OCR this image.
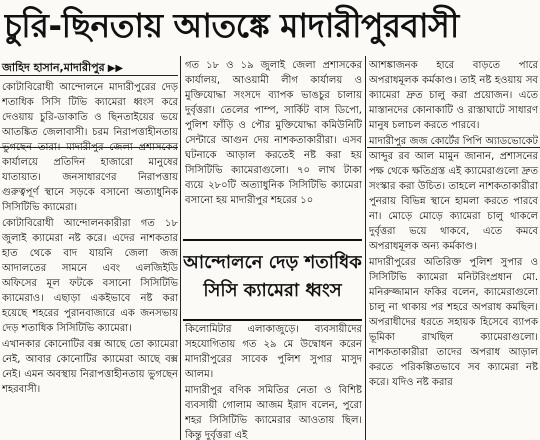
চুরি-ছিনতায় আতঙ্কে মাদারীপুরবাসী
জাহিদ হাসান,মাদারীপুর ▶▶

কোটাবিরোধী আন্দোলনে মাদারীপুরের দেড় শতাধিক সিসি টিভি ক্যামেরা ধ্বংস করে দেওয়ায় চুরি-ডাকাতি ও ছিনতাইয়ের ভয়ে আতঙ্কিত জেলাবাসী। চরম নিরাপত্তাহীনতায় ভুগছেন তারা। মাদারীপুর জেলা প্রশাসকের কার্যালয়ে প্রতিদিন হাজারো মানুষের যাতায়াত। জনসাধারণের নিরাপত্তায় গুরুত্বপূর্ণ স্থানে সড়কে বসানো অত্যাধুনিক সিসিটিভি ক্যামেরা।

কোটাবিরোধী আন্দোলনকারীরা গত ১৮ জুলাই ক্যামেরা নষ্ট করে। এদের নাশকতার হাত থেকে বাদ যায়নি জেলা জজ আদালতের সামনে এবং এলজিইডি অফিসের মূল ফটকে বসানো সিসিটিভি ক্যামেরাও। এছাড়া একইভাবে নষ্ট করা হয়েছে শহরের পুরানবাজারে এক জনসভায় দেড় শতাধিক সিসিটিভি ক্যামেরা।

এখানকার কোনোটির বক্স আছে তো ক্যামেরা নেই, আবার কোনোটির ক্যামেরা আছে বক্স নেই। এমন অবস্থায় নিরাপত্তাহীনতায় ভুগছেন শহরবাসী।

গত ১৮ ও ১৯ জুলাই জেলা প্রশাসকের কার্যালয়, আওয়ামী লীগ কার্যালয় ও মুক্তিযোদ্ধা সংসদে ব্যাপক ভাঙচুর চালায় দুর্বৃত্তরা। তেলের পাম্প, সার্কিট বাস ডিপো, পুলিশ ফাঁড়ি ও পৌর মুক্তিযোদ্ধা কমিউনিটি সেন্টারে আগুন দেয় নাশকতাকারীরা। এসব ঘটনাকে আড়াল করতেই নষ্ট করা হয় সিসিটিভি ক্যামেরাগুলো। ৭০ লাখ টাকা ব্যয়ে ২৮০টি অত্যাধুনিক সিসিটিভি ক্যামেরা বসানো হয় মাদারীপুর শহরের ১০

আন্দোলনে দেড় শতাধিক
সিসি ক্যামেরা ধ্বংস

কিলোমিটার এলাকাজুড়ে। ব্যবসায়ীদের সহযোগিতায় গত ২৯ মে উদ্বোধন করেন মাদারীপুরের সাবেক পুলিশ সুপার মাসুদ আলম।

মাদারীপুর বণিক সমিতির নেতা ও বিশিষ্ট ব্যবসায়ী গোলাম আজম ইরাদ বলেন, পুরো শহর সিসিটিভি ক্যামেরার আওতায় ছিল। কিন্তু দুর্বৃত্তরা এই

আশঙ্কাজনক হারে বাড়তে পারে অপরাধমূলক কর্মকাণ্ড। তাই নষ্ট হওয়ায় সব ক্যামেরা দ্রুত চালু করা প্রয়োজন। এতে মাস্তানদের কোনাকাটি ও রাস্তাঘাটে সাধারণ মানুষ চলাচল করতে পারবে।

মাদারীপুর জজ কোর্টের পিপি অ্যাডভোকেট আব্দুর রব আল মামুন জানান, প্রশাসনের পক্ষ থেকে ক্ষতিগ্রস্ত এই ক্যামেরাগুলো দ্রুত সংস্কার করা উচিত। তাহলে নাশকতাকারীরা পুনরায় বিভিন্ন স্থানে হামলা করতে পারবে না। মোড়ে মোড়ে ক্যামেরা চালু থাকলে দুর্বৃত্তরা ভয়ে থাকবে, এতে কমবে অপরাধমূলক অন্য কর্মকাণ্ড।

মাদারীপুরের অতিরিক্ত পুলিশ সুপার ও সিসিটিভি ক্যামেরা মনিটরিংপ্রধান মো. মনিরুজ্জামান ফকির বলেন, ক্যামেরাগুলো চালু না থাকায় পর শহরে অপরাধ কমছিল। অপরাধীদের ধরতে সহায়ক হিসেবে ব্যাপক ভূমিকা রাখছিল ক্যামেরাগুলো। নাশকতাকারীরা তাদের অপরাধ আড়াল করতে পরিকল্পিতভাবে সব ক্যামেরা নষ্ট করে। যদিও নষ্ট করার
